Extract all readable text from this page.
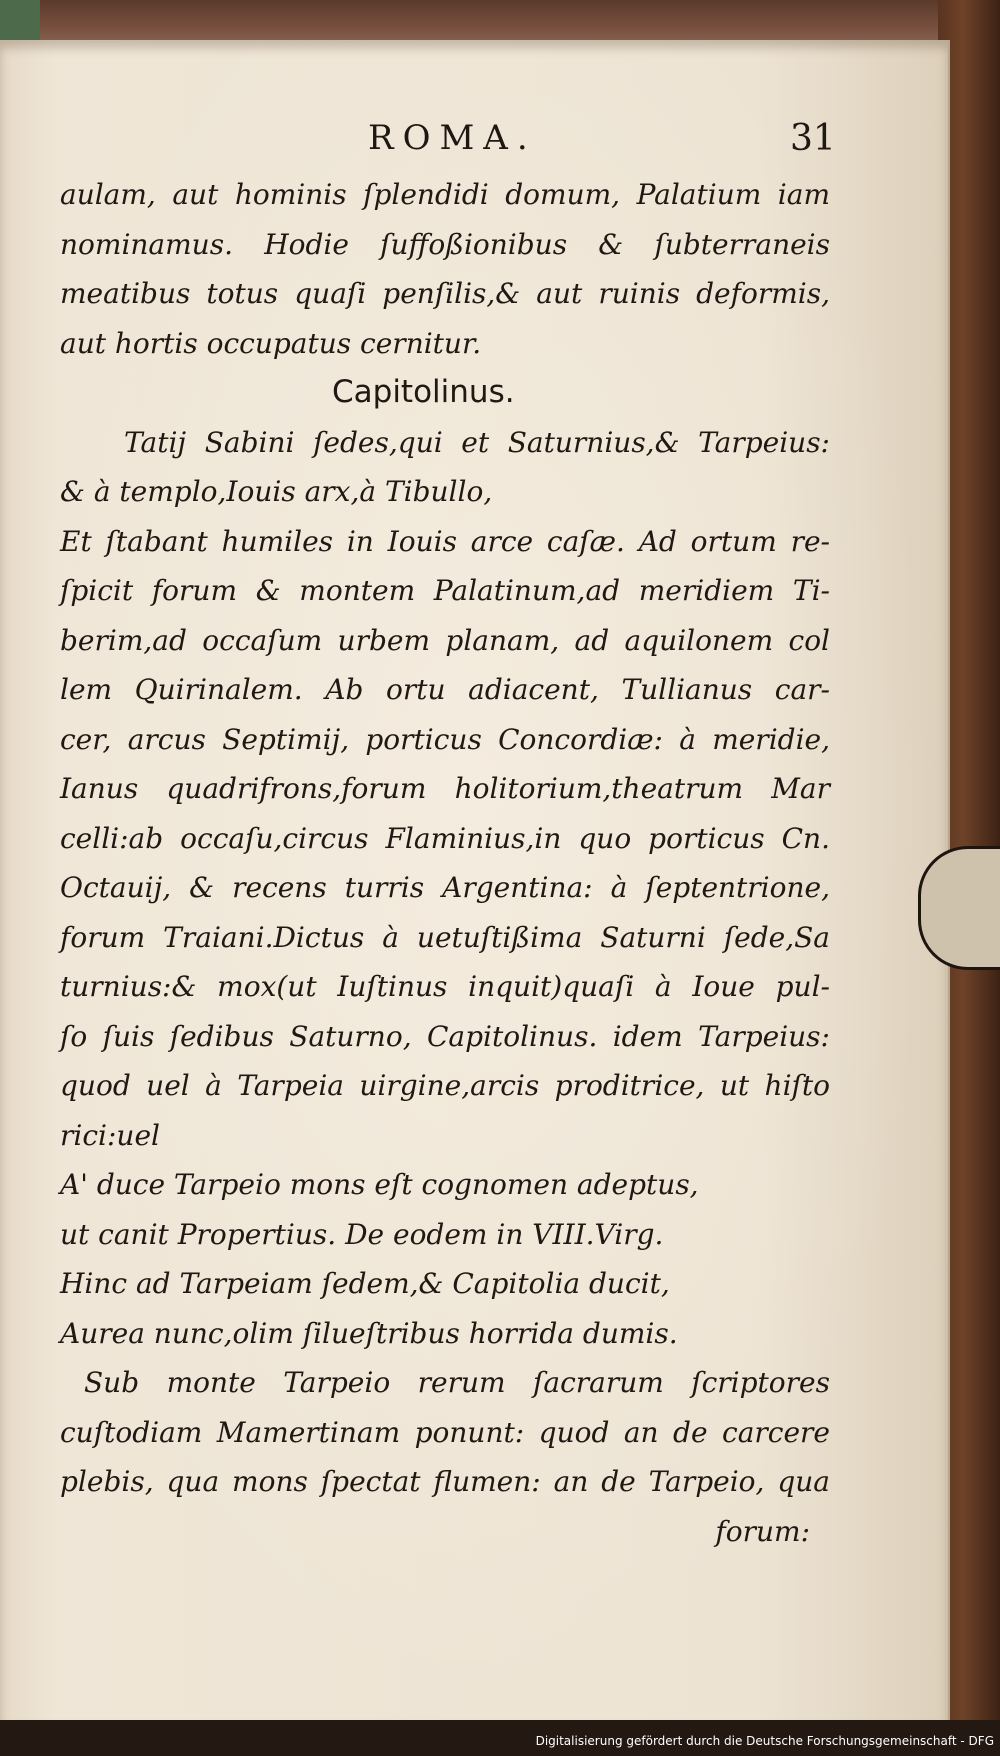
ROMA.	31
aulam, aut hominis ſplendidi domum, Palatium iam
nominamus. Hodie ſuffoßionibus & ſubterraneis
meatibus totus quaſi penſilis,& aut ruinis deformis,
aut hortis occupatus cernitur.
Capitolinus.
Tatij Sabini ſedes,qui et Saturnius,& Tarpeius:
& à templo,Iouis arx,à Tibullo,
Et ſtabant humiles in Iouis arce caſæ. Ad ortum re-
ſpicit forum & montem Palatinum,ad meridiem Ti-
berim,ad occaſum urbem planam, ad aquilonem col
lem Quirinalem. Ab ortu adiacent, Tullianus car-
cer, arcus Septimij, porticus Concordiæ: à meridie,
Ianus quadrifrons,forum holitorium,theatrum Mar
celli:ab occaſu,circus Flaminius,in quo porticus Cn.
Octauij, & recens turris Argentina: à ſeptentrione,
forum Traiani.Dictus à uetuſtißima Saturni ſede,Sa
turnius:& mox(ut Iuſtinus inquit)quaſi à Ioue pul-
ſo ſuis ſedibus Saturno, Capitolinus. idem Tarpeius:
quod uel à Tarpeia uirgine,arcis proditrice, ut hiſto
rici:uel
A' duce Tarpeio mons eſt cognomen adeptus,
ut canit Propertius. De eodem in VIII.Virg.
Hinc ad Tarpeiam ſedem,& Capitolia ducit,
Aurea nunc,olim ſilueſtribus horrida dumis.
Sub monte Tarpeio rerum ſacrarum ſcriptores
cuſtodiam Mamertinam ponunt: quod an de carcere
plebis, qua mons ſpectat flumen: an de Tarpeio, qua
forum:
Digitalisierung gefördert durch die Deutsche Forschungsgemeinschaft - DFG
